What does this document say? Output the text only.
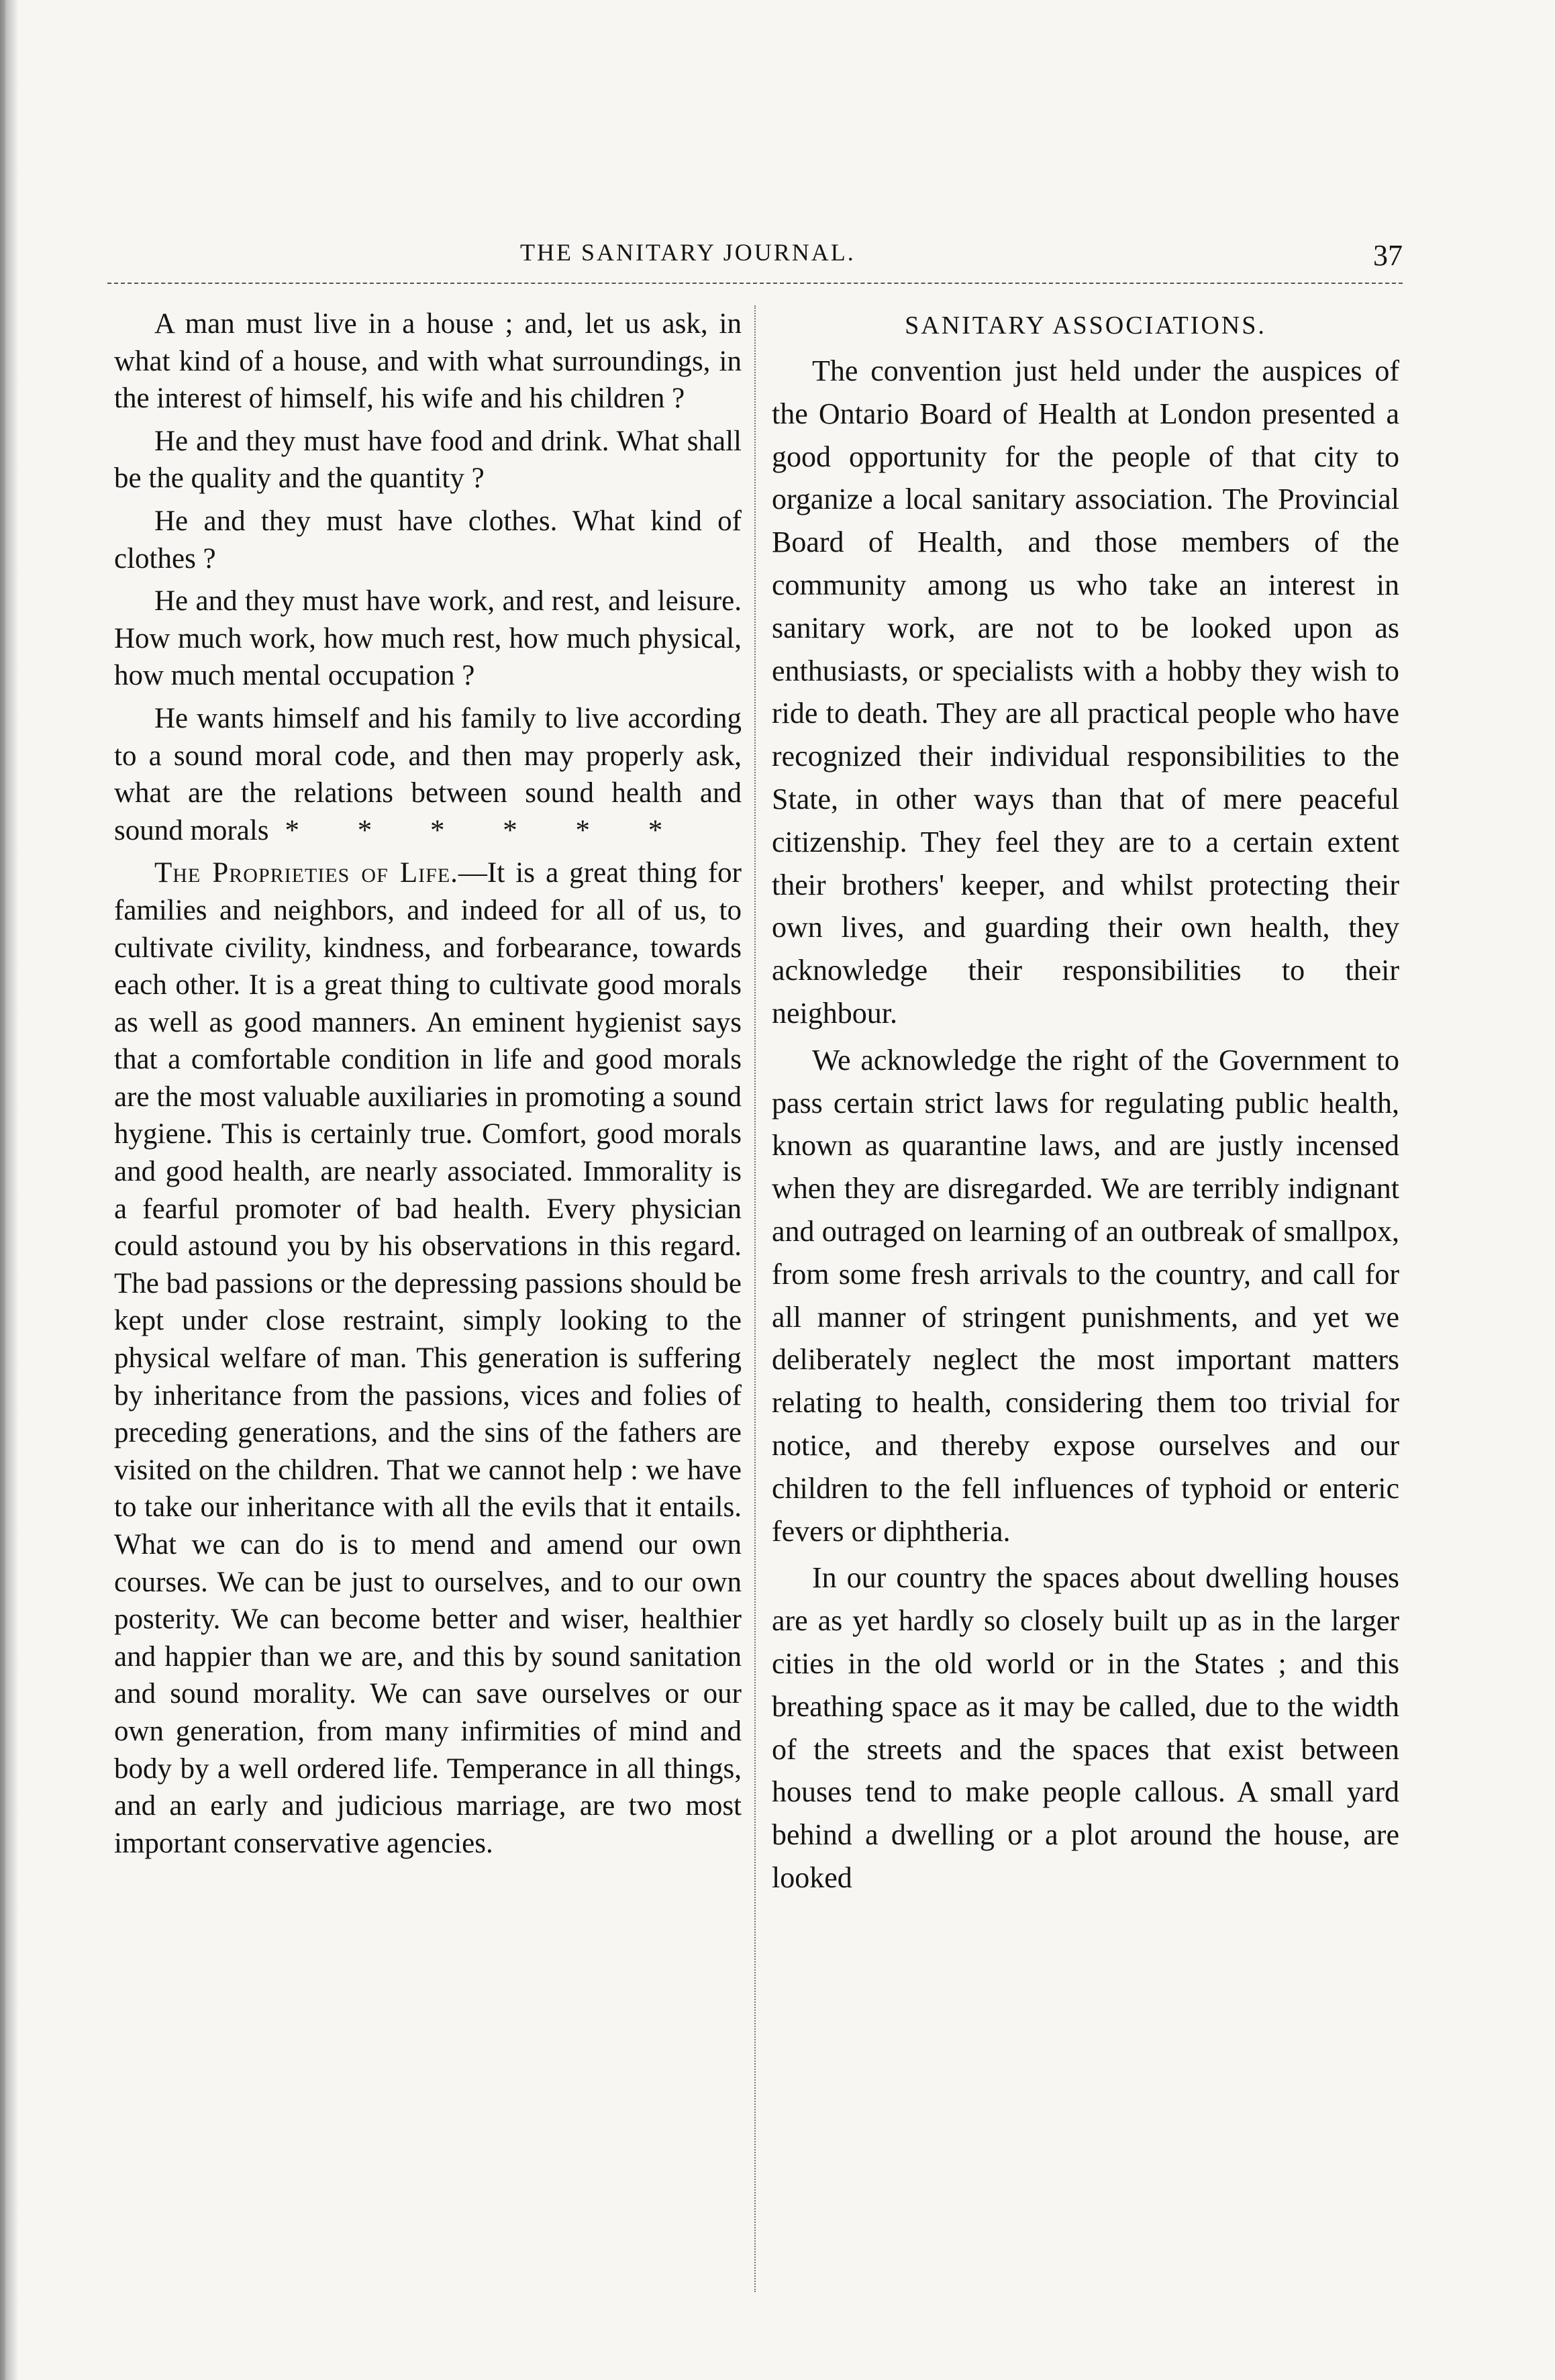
THE SANITARY JOURNAL.	37

A man must live in a house ; and, let us ask, in what kind of a house, and with what surroundings, in the interest of himself, his wife and his children ?

He and they must have food and drink. What shall be the quality and the quantity ?

He and they must have clothes. What kind of clothes ?

He and they must have work, and rest, and leisure. How much work, how much rest, how much physical, how much mental occupation ?

He wants himself and his family to live according to a sound moral code, and then may properly ask, what are the relations between sound health and sound morals * * * * * *

The Proprieties of Life.—It is a great thing for families and neighbors, and indeed for all of us, to cultivate civility, kindness, and forbearance, towards each other. It is a great thing to cultivate good morals as well as good manners. An eminent hygienist says that a comfortable condition in life and good morals are the most valuable auxiliaries in promoting a sound hygiene. This is certainly true. Comfort, good morals and good health, are nearly associated. Immorality is a fearful promoter of bad health. Every physician could astound you by his observations in this regard. The bad passions or the depressing passions should be kept under close restraint, simply looking to the physical welfare of man. This generation is suffering by inheritance from the passions, vices and folies of preceding generations, and the sins of the fathers are visited on the children. That we cannot help : we have to take our inheritance with all the evils that it entails. What we can do is to mend and amend our own courses. We can be just to ourselves, and to our own posterity. We can become better and wiser, healthier and happier than we are, and this by sound sanitation and sound morality. We can save ourselves or our own generation, from many infirmities of mind and body by a well ordered life. Temperance in all things, and an early and judicious marriage, are two most important conservative agencies.

SANITARY ASSOCIATIONS.

The convention just held under the auspices of the Ontario Board of Health at London presented a good opportunity for the people of that city to organize a local sanitary association. The Provincial Board of Health, and those members of the community among us who take an interest in sanitary work, are not to be looked upon as enthusiasts, or specialists with a hobby they wish to ride to death. They are all practical people who have recognized their individual responsibilities to the State, in other ways than that of mere peaceful citizenship. They feel they are to a certain extent their brothers' keeper, and whilst protecting their own lives, and guarding their own health, they acknowledge their responsibilities to their neighbour.

We acknowledge the right of the Government to pass certain strict laws for regulating public health, known as quarantine laws, and are justly incensed when they are disregarded. We are terribly indignant and outraged on learning of an outbreak of smallpox, from some fresh arrivals to the country, and call for all manner of stringent punishments, and yet we deliberately neglect the most important matters relating to health, considering them too trivial for notice, and thereby expose ourselves and our children to the fell influences of typhoid or enteric fevers or diphtheria.

In our country the spaces about dwelling houses are as yet hardly so closely built up as in the larger cities in the old world or in the States ; and this breathing space as it may be called, due to the width of the streets and the spaces that exist between houses tend to make people callous. A small yard behind a dwelling or a plot around the house, are looked
